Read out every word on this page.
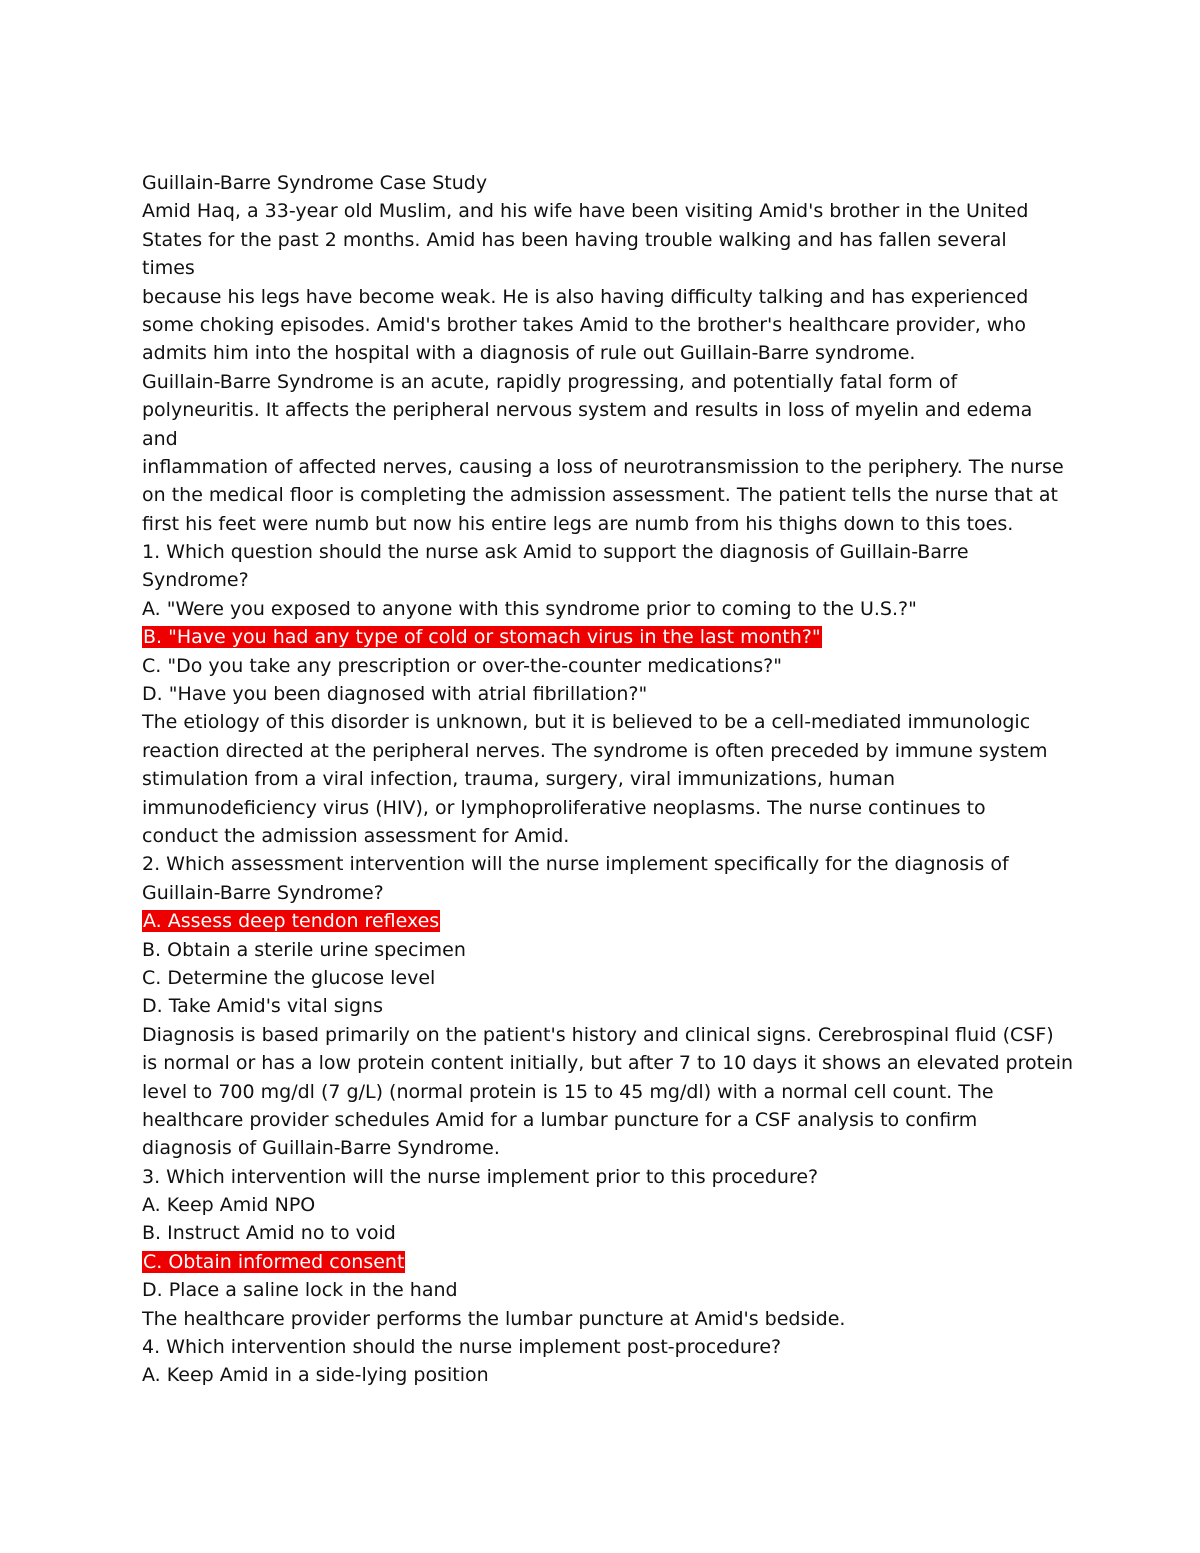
Guillain-Barre Syndrome Case Study
Amid Haq, a 33-year old Muslim, and his wife have been visiting Amid's brother in the United
States for the past 2 months. Amid has been having trouble walking and has fallen several
times
because his legs have become weak. He is also having difficulty talking and has experienced
some choking episodes. Amid's brother takes Amid to the brother's healthcare provider, who
admits him into the hospital with a diagnosis of rule out Guillain-Barre syndrome.
Guillain-Barre Syndrome is an acute, rapidly progressing, and potentially fatal form of
polyneuritis. It affects the peripheral nervous system and results in loss of myelin and edema
and
inflammation of affected nerves, causing a loss of neurotransmission to the periphery. The nurse
on the medical floor is completing the admission assessment. The patient tells the nurse that at
first his feet were numb but now his entire legs are numb from his thighs down to this toes.
1. Which question should the nurse ask Amid to support the diagnosis of Guillain-Barre
Syndrome?
A. "Were you exposed to anyone with this syndrome prior to coming to the U.S.?"
B. "Have you had any type of cold or stomach virus in the last month?"
C. "Do you take any prescription or over-the-counter medications?"
D. "Have you been diagnosed with atrial fibrillation?"
The etiology of this disorder is unknown, but it is believed to be a cell-mediated immunologic
reaction directed at the peripheral nerves. The syndrome is often preceded by immune system
stimulation from a viral infection, trauma, surgery, viral immunizations, human
immunodeficiency virus (HIV), or lymphoproliferative neoplasms. The nurse continues to
conduct the admission assessment for Amid.
2. Which assessment intervention will the nurse implement specifically for the diagnosis of
Guillain-Barre Syndrome?
A. Assess deep tendon reflexes
B. Obtain a sterile urine specimen
C. Determine the glucose level
D. Take Amid's vital signs
Diagnosis is based primarily on the patient's history and clinical signs. Cerebrospinal fluid (CSF)
is normal or has a low protein content initially, but after 7 to 10 days it shows an elevated protein
level to 700 mg/dl (7 g/L) (normal protein is 15 to 45 mg/dl) with a normal cell count. The
healthcare provider schedules Amid for a lumbar puncture for a CSF analysis to confirm
diagnosis of Guillain-Barre Syndrome.
3. Which intervention will the nurse implement prior to this procedure?
A. Keep Amid NPO
B. Instruct Amid no to void
C. Obtain informed consent
D. Place a saline lock in the hand
The healthcare provider performs the lumbar puncture at Amid's bedside.
4. Which intervention should the nurse implement post-procedure?
A. Keep Amid in a side-lying position
